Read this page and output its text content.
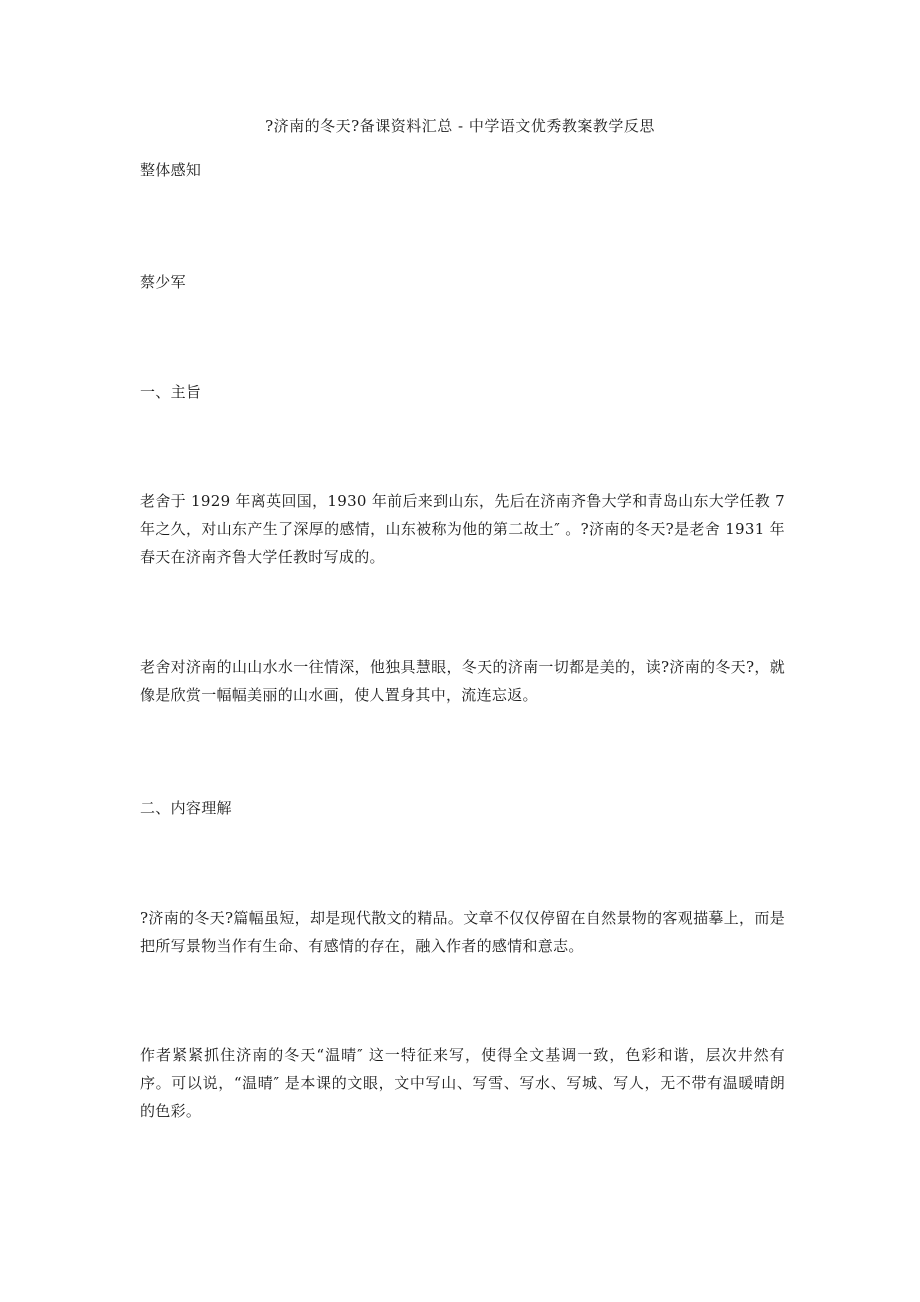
?济南的冬天?备课资料汇总 - 中学语文优秀教案教学反思
整体感知
蔡少军
一、主旨
老舍于 1929 年离英回国，1930 年前后来到山东，先后在济南齐鲁大学和青岛山东大学任教 7 年之久，对山东产生了深厚的感情，山东被称为他的第二故土″ 。?济南的冬天?是老舍 1931 年春天在济南齐鲁大学任教时写成的。
老舍对济南的山山水水一往情深，他独具慧眼，冬天的济南一切都是美的，读?济南的冬天?，就像是欣赏一幅幅美丽的山水画，使人置身其中，流连忘返。
二、内容理解
?济南的冬天?篇幅虽短，却是现代散文的精品。文章不仅仅停留在自然景物的客观描摹上，而是把所写景物当作有生命、有感情的存在，融入作者的感情和意志。
作者紧紧抓住济南的冬天“温晴″ 这一特征来写，使得全文基调一致，色彩和谐，层次井然有序。可以说，“温晴″ 是本课的文眼，文中写山、写雪、写水、写城、写人，无不带有温暖晴朗的色彩。
